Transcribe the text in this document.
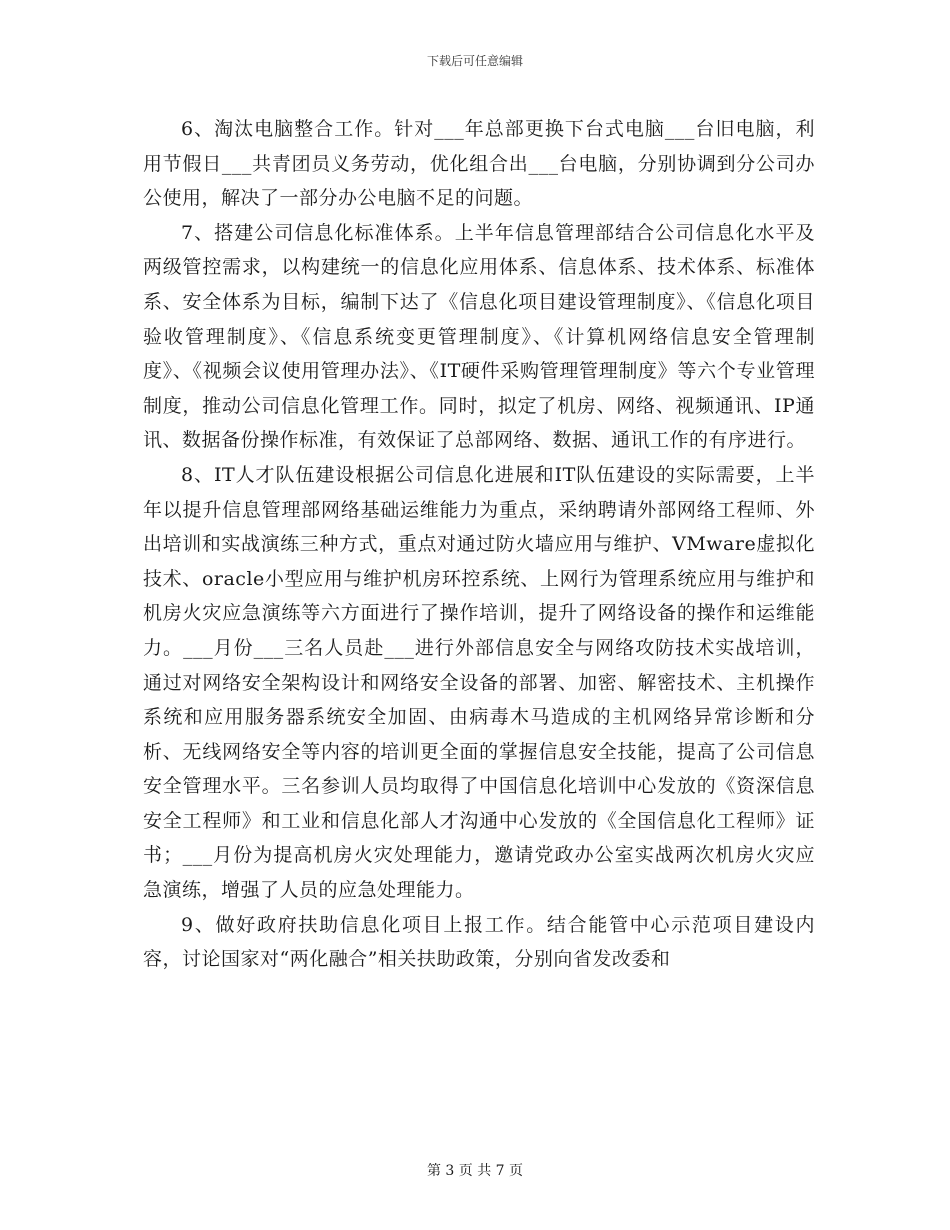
下载后可任意编辑

6、淘汰电脑整合工作。针对___年总部更换下台式电脑___台旧电脑，利用节假日___共青团员义务劳动，优化组合出___台电脑，分别协调到分公司办公使用，解决了一部分办公电脑不足的问题。

7、搭建公司信息化标准体系。上半年信息管理部结合公司信息化水平及两级管控需求，以构建统一的信息化应用体系、信息体系、技术体系、标准体系、安全体系为目标，编制下达了《信息化项目建设管理制度》、《信息化项目验收管理制度》、《信息系统变更管理制度》、《计算机网络信息安全管理制度》、《视频会议使用管理办法》、《IT硬件采购管理管理制度》等六个专业管理制度，推动公司信息化管理工作。同时，拟定了机房、网络、视频通讯、IP通讯、数据备份操作标准，有效保证了总部网络、数据、通讯工作的有序进行。

8、IT人才队伍建设根据公司信息化进展和IT队伍建设的实际需要，上半年以提升信息管理部网络基础运维能力为重点，采纳聘请外部网络工程师、外出培训和实战演练三种方式，重点对通过防火墙应用与维护、VMware虚拟化技术、oracle小型应用与维护机房环控系统、上网行为管理系统应用与维护和机房火灾应急演练等六方面进行了操作培训，提升了网络设备的操作和运维能力。___月份___三名人员赴___进行外部信息安全与网络攻防技术实战培训，通过对网络安全架构设计和网络安全设备的部署、加密、解密技术、主机操作系统和应用服务器系统安全加固、由病毒木马造成的主机网络异常诊断和分析、无线网络安全等内容的培训更全面的掌握信息安全技能，提高了公司信息安全管理水平。三名参训人员均取得了中国信息化培训中心发放的《资深信息安全工程师》和工业和信息化部人才沟通中心发放的《全国信息化工程师》证书；___月份为提高机房火灾处理能力，邀请党政办公室实战两次机房火灾应急演练，增强了人员的应急处理能力。

9、做好政府扶助信息化项目上报工作。结合能管中心示范项目建设内容，讨论国家对“两化融合”相关扶助政策，分别向省发改委和

第 3 页 共 7 页
